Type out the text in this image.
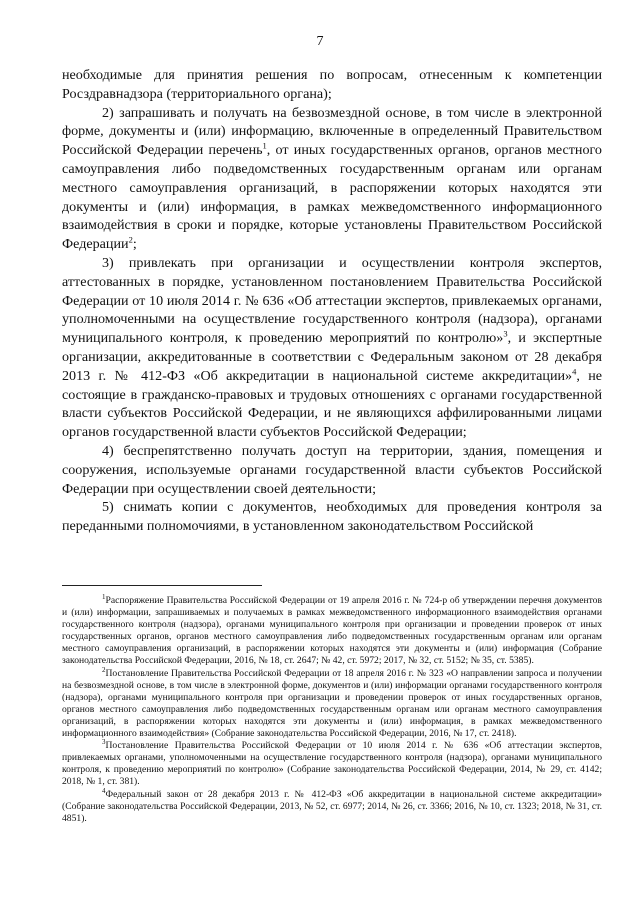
7

необходимые для принятия решения по вопросам, отнесенным к компетенции Росздравнадзора (территориального органа);

2) запрашивать и получать на безвозмездной основе, в том числе в электронной форме, документы и (или) информацию, включенные в определенный Правительством Российской Федерации перечень$^1$, от иных государственных органов, органов местного самоуправления либо подведомственных государственным органам или органам местного самоуправления организаций, в распоряжении которых находятся эти документы и (или) информация, в рамках межведомственного информационного взаимодействия в сроки и порядке, которые установлены Правительством Российской Федерации$^2$;

3) привлекать при организации и осуществлении контроля экспертов, аттестованных в порядке, установленном постановлением Правительства Российской Федерации от 10 июля 2014 г. № 636 «Об аттестации экспертов, привлекаемых органами, уполномоченными на осуществление государственного контроля (надзора), органами муниципального контроля, к проведению мероприятий по контролю»$^3$, и экспертные организации, аккредитованные в соответствии с Федеральным законом от 28 декабря 2013 г. № 412-ФЗ «Об аккредитации в национальной системе аккредитации»$^4$, не состоящие в гражданско-правовых и трудовых отношениях с органами государственной власти субъектов Российской Федерации, и не являющихся аффилированными лицами органов государственной власти субъектов Российской Федерации;

4) беспрепятственно получать доступ на территории, здания, помещения и сооружения, используемые органами государственной власти субъектов Российской Федерации при осуществлении своей деятельности;

5) снимать копии с документов, необходимых для проведения контроля за переданными полномочиями, в установленном законодательством Российской

$^1$Распоряжение Правительства Российской Федерации от 19 апреля 2016 г. № 724-р об утверждении перечня документов и (или) информации, запрашиваемых и получаемых в рамках межведомственного информационного взаимодействия органами государственного контроля (надзора), органами муниципального контроля при организации и проведении проверок от иных государственных органов, органов местного самоуправления либо подведомственных государственным органам или органам местного самоуправления организаций, в распоряжении которых находятся эти документы и (или) информация (Собрание законодательства Российской Федерации, 2016, № 18, ст. 2647; № 42, ст. 5972; 2017, № 32, ст. 5152; № 35, ст. 5385).

$^2$Постановление Правительства Российской Федерации от 18 апреля 2016 г. № 323 «О направлении запроса и получении на безвозмездной основе, в том числе в электронной форме, документов и (или) информации органами государственного контроля (надзора), органами муниципального контроля при организации и проведении проверок от иных государственных органов, органов местного самоуправления либо подведомственных государственным органам или органам местного самоуправления организаций, в распоряжении которых находятся эти документы и (или) информация, в рамках межведомственного информационного взаимодействия» (Собрание законодательства Российской Федерации, 2016, № 17, ст. 2418).

$^3$Постановление Правительства Российской Федерации от 10 июля 2014 г. № 636 «Об аттестации экспертов, привлекаемых органами, уполномоченными на осуществление государственного контроля (надзора), органами муниципального контроля, к проведению мероприятий по контролю» (Собрание законодательства Российской Федерации, 2014, № 29, ст. 4142; 2018, № 1, ст. 381).

$^4$Федеральный закон от 28 декабря 2013 г. № 412-ФЗ «Об аккредитации в национальной системе аккредитации» (Собрание законодательства Российской Федерации, 2013, № 52, ст. 6977; 2014, № 26, ст. 3366; 2016, № 10, ст. 1323; 2018, № 31, ст. 4851).
